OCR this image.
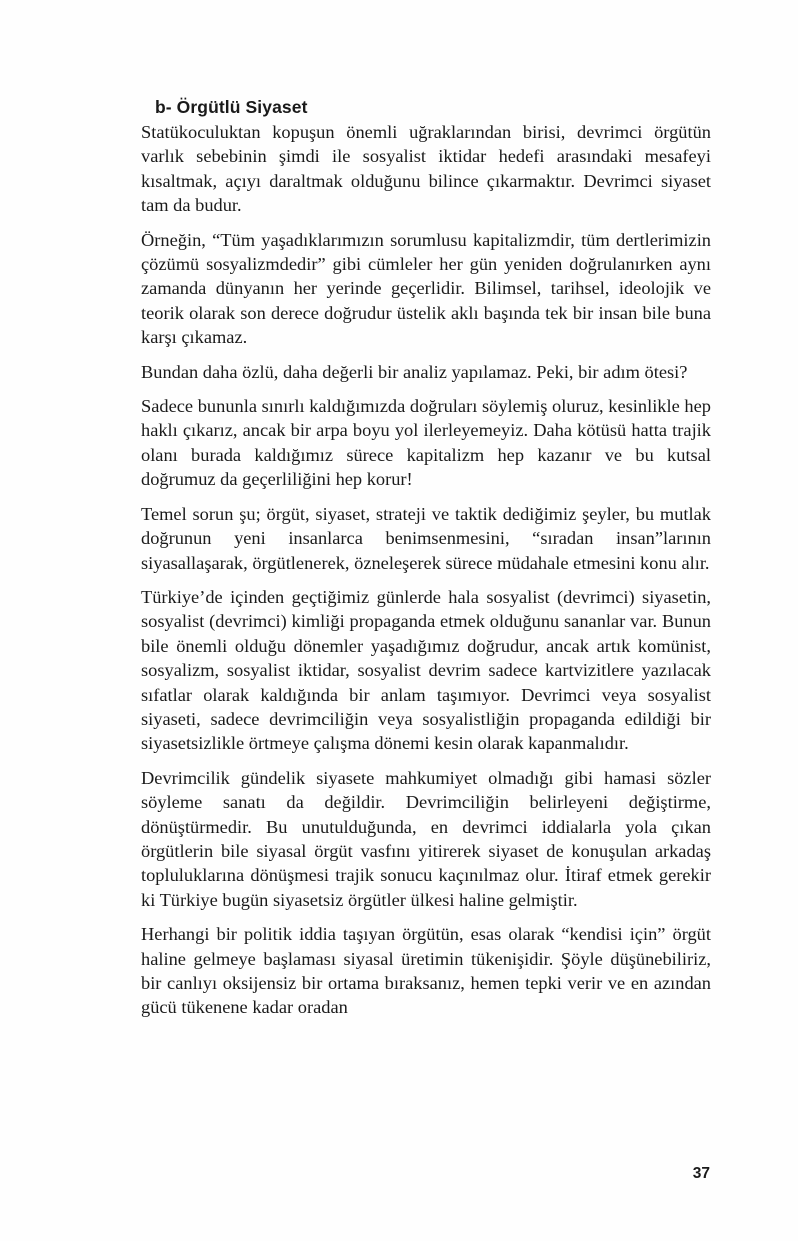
b- Örgütlü Siyaset

Statükoculuktan kopuşun önemli uğraklarından birisi, devrimci örgütün varlık sebebinin şimdi ile sosyalist iktidar hedefi arasındaki mesafeyi kısaltmak, açıyı daraltmak olduğunu bilince çıkarmaktır. Devrimci siyaset tam da budur.

Örneğin, “Tüm yaşadıklarımızın sorumlusu kapitalizmdir, tüm dertlerimizin çözümü sosyalizmdedir” gibi cümleler her gün yeniden doğrulanırken aynı zamanda dünyanın her yerinde geçerlidir. Bilimsel, tarihsel, ideolojik ve teorik olarak son derece doğrudur üstelik aklı başında tek bir insan bile buna karşı çıkamaz.

Bundan daha özlü, daha değerli bir analiz yapılamaz. Peki, bir adım ötesi?

Sadece bununla sınırlı kaldığımızda doğruları söylemiş oluruz, kesinlikle hep haklı çıkarız, ancak bir arpa boyu yol ilerleyemeyiz. Daha kötüsü hatta trajik olanı burada kaldığımız sürece kapitalizm hep kazanır ve bu kutsal doğrumuz da geçerliliğini hep korur!

Temel sorun şu; örgüt, siyaset, strateji ve taktik dediğimiz şeyler, bu mutlak doğrunun yeni insanlarca benimsenmesini, “sıradan insan”larının siyasallaşarak, örgütlenerek, özneleşerek sürece müdahale etmesini konu alır.

Türkiye’de içinden geçtiğimiz günlerde hala sosyalist (devrimci) siyasetin, sosyalist (devrimci) kimliği propaganda etmek olduğunu sananlar var. Bunun bile önemli olduğu dönemler yaşadığımız doğrudur, ancak artık komünist, sosyalizm, sosyalist iktidar, sosyalist devrim sadece kartvizitlere yazılacak sıfatlar olarak kaldığında bir anlam taşımıyor. Devrimci veya sosyalist siyaseti, sadece devrimciliğin veya sosyalistliğin propaganda edildiği bir siyasetsizlikle örtmeye çalışma dönemi kesin olarak kapanmalıdır.

Devrimcilik gündelik siyasete mahkumiyet olmadığı gibi hamasi sözler söyleme sanatı da değildir. Devrimciliğin belirleyeni değiştirme, dönüştürmedir. Bu unutulduğunda, en devrimci iddialarla yola çıkan örgütlerin bile siyasal örgüt vasfını yitirerek siyaset de konuşulan arkadaş topluluklarına dönüşmesi trajik sonucu kaçınılmaz olur. İtiraf etmek gerekir ki Türkiye bugün siyasetsiz örgütler ülkesi haline gelmiştir.

Herhangi bir politik iddia taşıyan örgütün, esas olarak “kendisi için” örgüt haline gelmeye başlaması siyasal üretimin tükenişidir. Şöyle düşünebiliriz, bir canlıyı oksijensiz bir ortama bıraksanız, hemen tepki verir ve en azından gücü tükenene kadar oradan

37
